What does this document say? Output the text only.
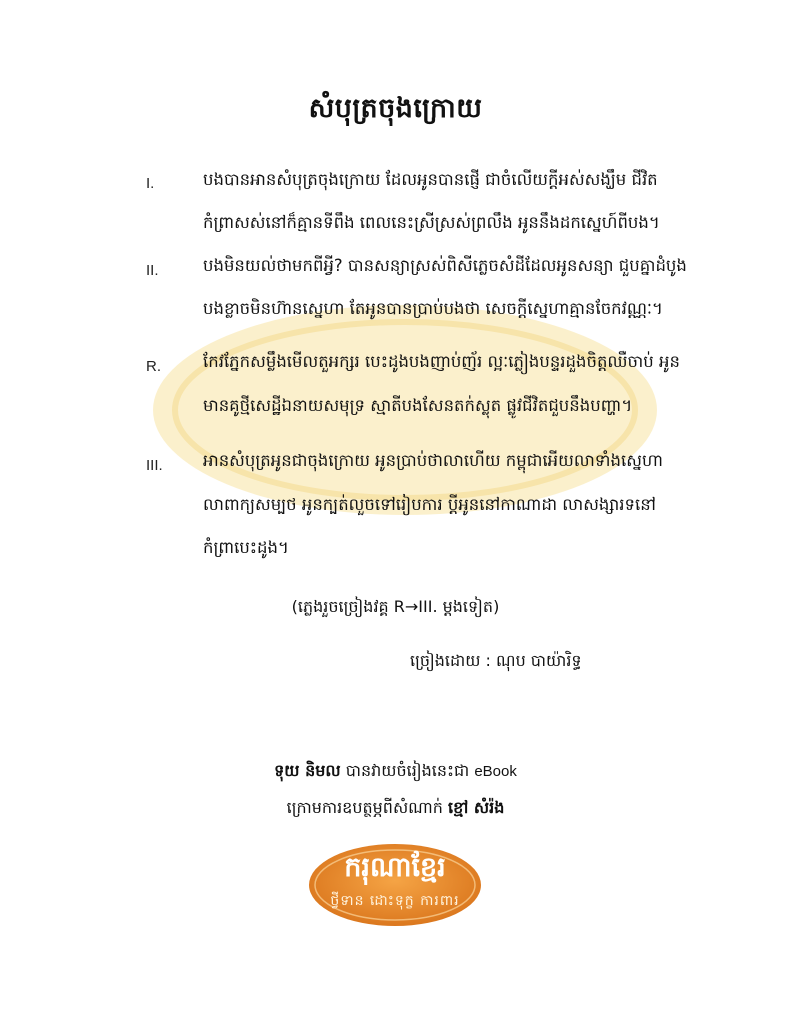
សំបុត្រចុងក្រោយ
I.	បងបានអានសំបុត្រចុងក្រោយ ដែលអូនបានផ្ញើ ជាចំលើយក្ដីអស់សង្ឃឹម ជីវិត
កំព្រាសស់នៅក៏គ្មានទីពឹង ពេលនេះស្រីស្រស់ព្រលឹង អូននឹងដកស្នេហ៍ពីបង។
II.	បងមិនយល់ថាមកពីអ្វី? បានសន្យាស្រស់ពិសីភ្លេចសំដីដែលអូនសន្យា ជួបគ្នាដំបូង
បងខ្លាចមិនហ៊ានស្នេហា តែអូនបានប្រាប់បងថា សេចក្ដីស្នេហាគ្មានចែកវណ្ណៈ។
R.	កែវភ្នែកសម្លឹងមើលតួអក្សរ បេះដូងបងញាប់ញ័រ ល្អៈភ្លៀងបន្ទរដួងចិត្តឈឺចាប់ អូន
មានគូថ្មីសេដ្ឋីឯនាយសមុទ្រ ស្មាតីបងសែនតក់ស្លុត ផ្លូវជីវិតជួបនឹងបញ្ហា។
III. អានសំបុត្រអូនជាចុងក្រោយ អូនប្រាប់ថាលាហើយ កម្ពុជាអើយលាទាំងស្នេហា
លាពាក្យសម្បថ អូនក្បត់លួចទៅរៀបការ ប្ដីអូននៅកាណាដា លាសង្សារទនៅ
កំព្រាបេះដូង។
(ភ្លេងរួចច្រៀងវគ្គ R→III. ម្ដងទៀត)
ច្រៀងដោយ : ណុប បាយ៉ារិទ្ធ
ទុយ និមល បានវាយចំរៀងនេះជា eBook
ក្រោមការឧបត្ថម្ភពីសំណាក់ ខ្មៅ សំរ៉ង
ករុណាខ្មែរ
ថ្វីទាន ដោះទុក្ខ ការពារ
